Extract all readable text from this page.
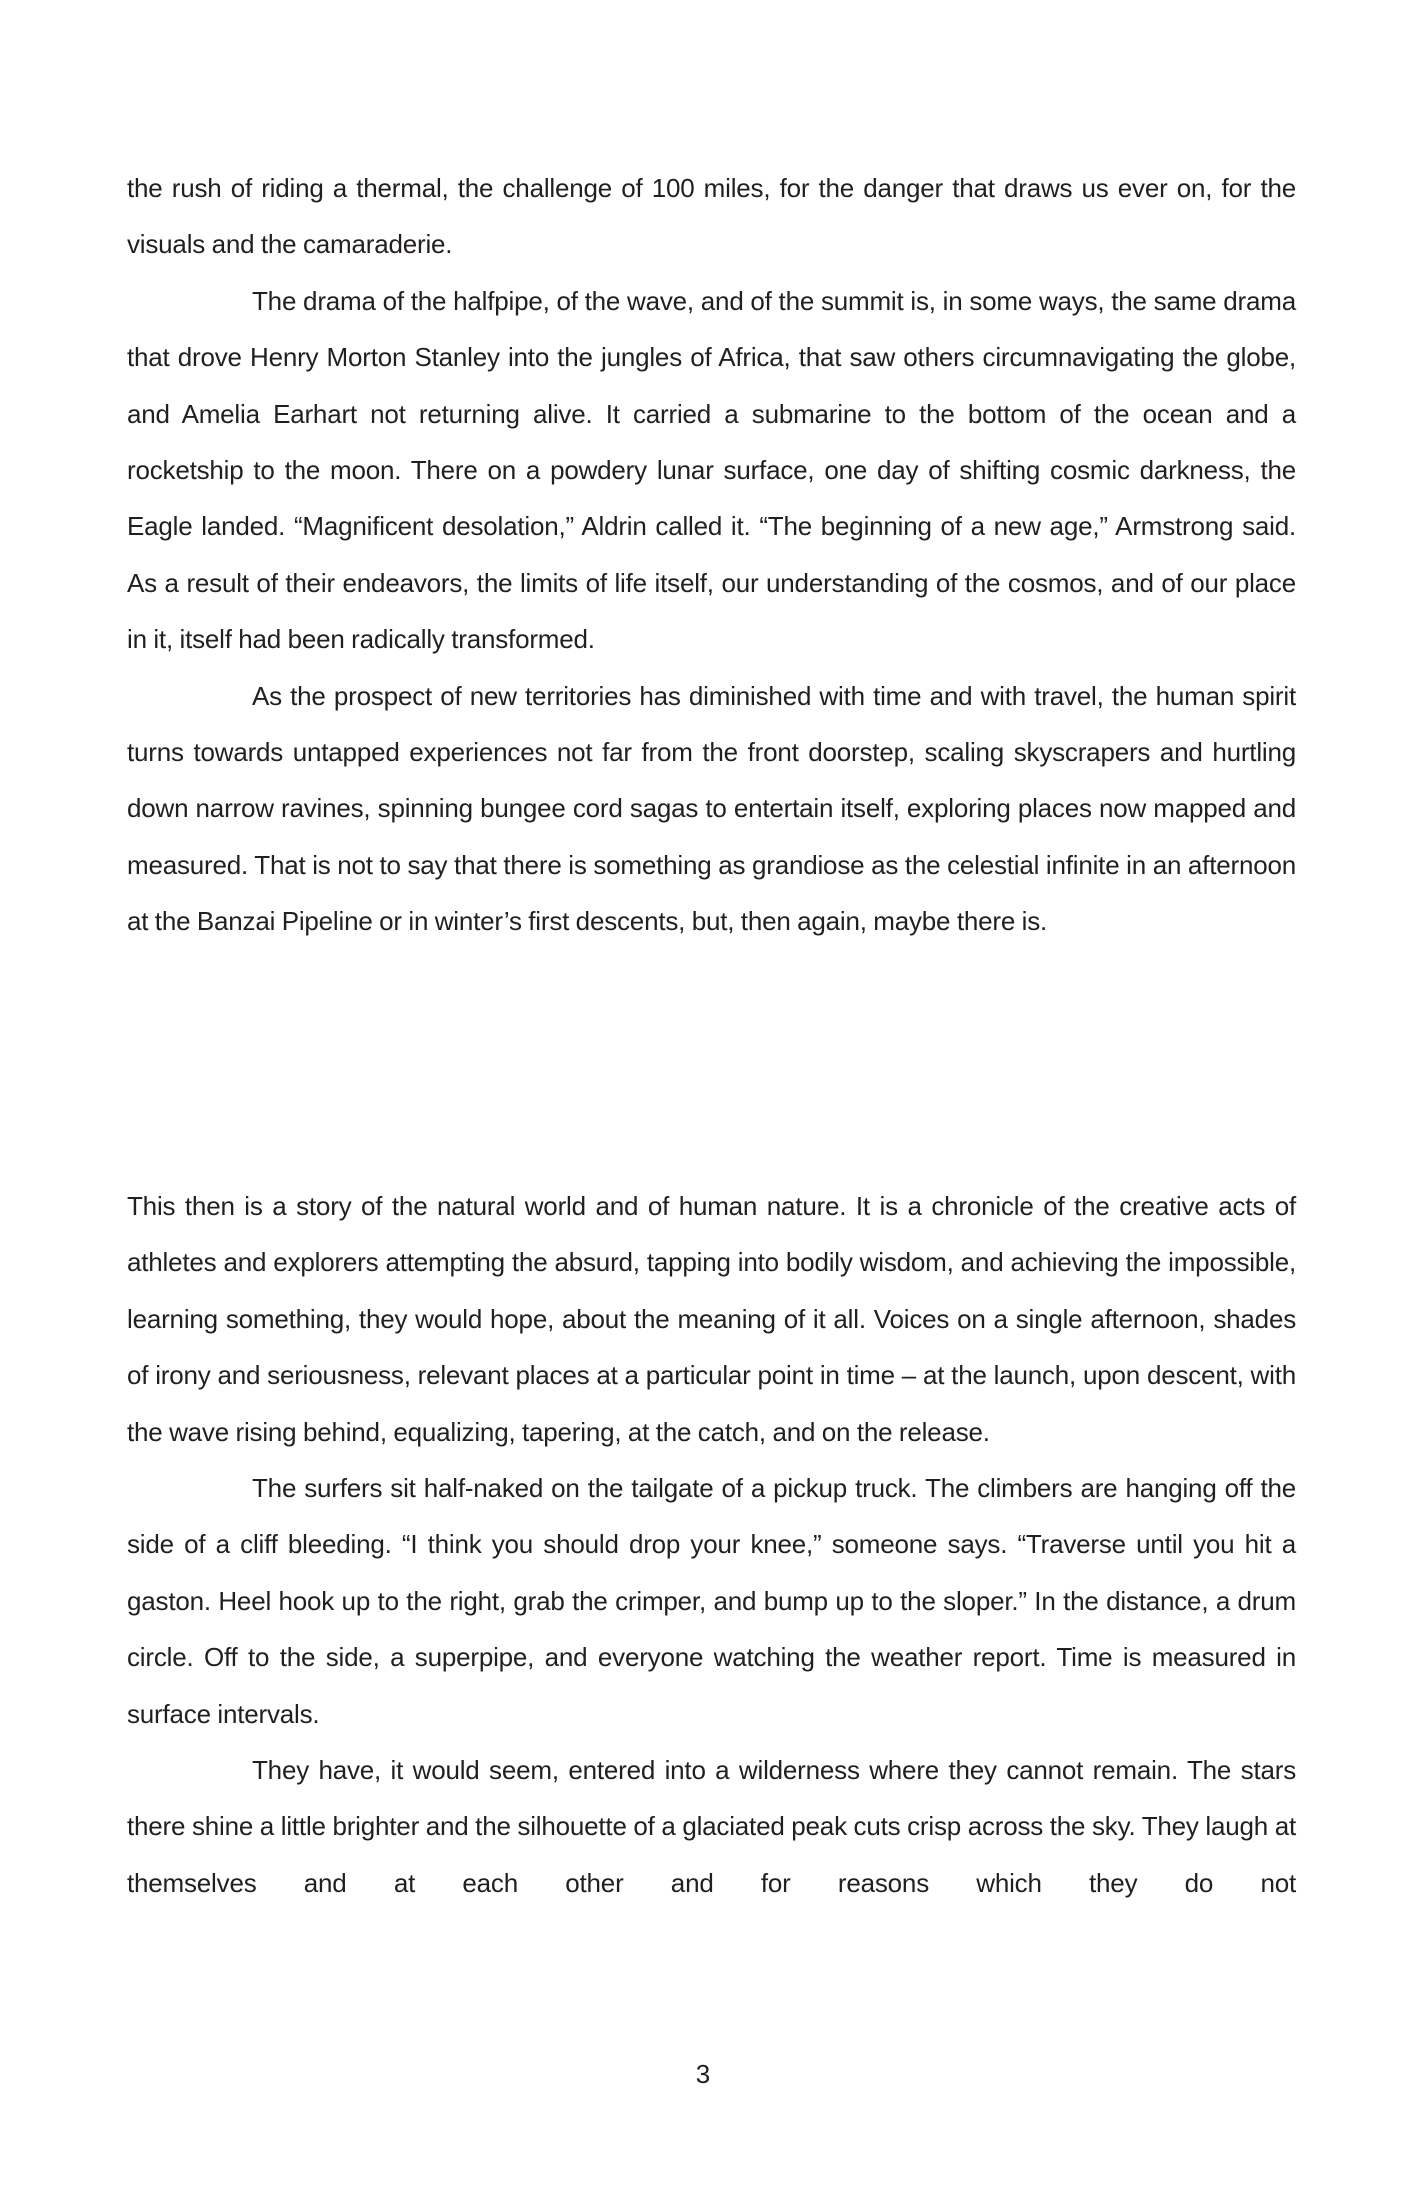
the rush of riding a thermal, the challenge of 100 miles, for the danger that draws us ever on, for the visuals and the camaraderie.

The drama of the halfpipe, of the wave, and of the summit is, in some ways, the same drama that drove Henry Morton Stanley into the jungles of Africa, that saw others circumnavigating the globe, and Amelia Earhart not returning alive. It carried a submarine to the bottom of the ocean and a rocketship to the moon. There on a powdery lunar surface, one day of shifting cosmic darkness, the Eagle landed. “Magnificent desolation,” Aldrin called it. “The beginning of a new age,” Armstrong said. As a result of their endeavors, the limits of life itself, our understanding of the cosmos, and of our place in it, itself had been radically transformed.

As the prospect of new territories has diminished with time and with travel, the human spirit turns towards untapped experiences not far from the front doorstep, scaling skyscrapers and hurtling down narrow ravines, spinning bungee cord sagas to entertain itself, exploring places now mapped and measured. That is not to say that there is something as grandiose as the celestial infinite in an afternoon at the Banzai Pipeline or in winter’s first descents, but, then again, maybe there is.

This then is a story of the natural world and of human nature. It is a chronicle of the creative acts of athletes and explorers attempting the absurd, tapping into bodily wisdom, and achieving the impossible, learning something, they would hope, about the meaning of it all. Voices on a single afternoon, shades of irony and seriousness, relevant places at a particular point in time – at the launch, upon descent, with the wave rising behind, equalizing, tapering, at the catch, and on the release.

The surfers sit half-naked on the tailgate of a pickup truck. The climbers are hanging off the side of a cliff bleeding. “I think you should drop your knee,” someone says. “Traverse until you hit a gaston. Heel hook up to the right, grab the crimper, and bump up to the sloper.” In the distance, a drum circle. Off to the side, a superpipe, and everyone watching the weather report. Time is measured in surface intervals.

They have, it would seem, entered into a wilderness where they cannot remain. The stars there shine a little brighter and the silhouette of a glaciated peak cuts crisp across the sky. They laugh at themselves and at each other and for reasons which they do not

3
